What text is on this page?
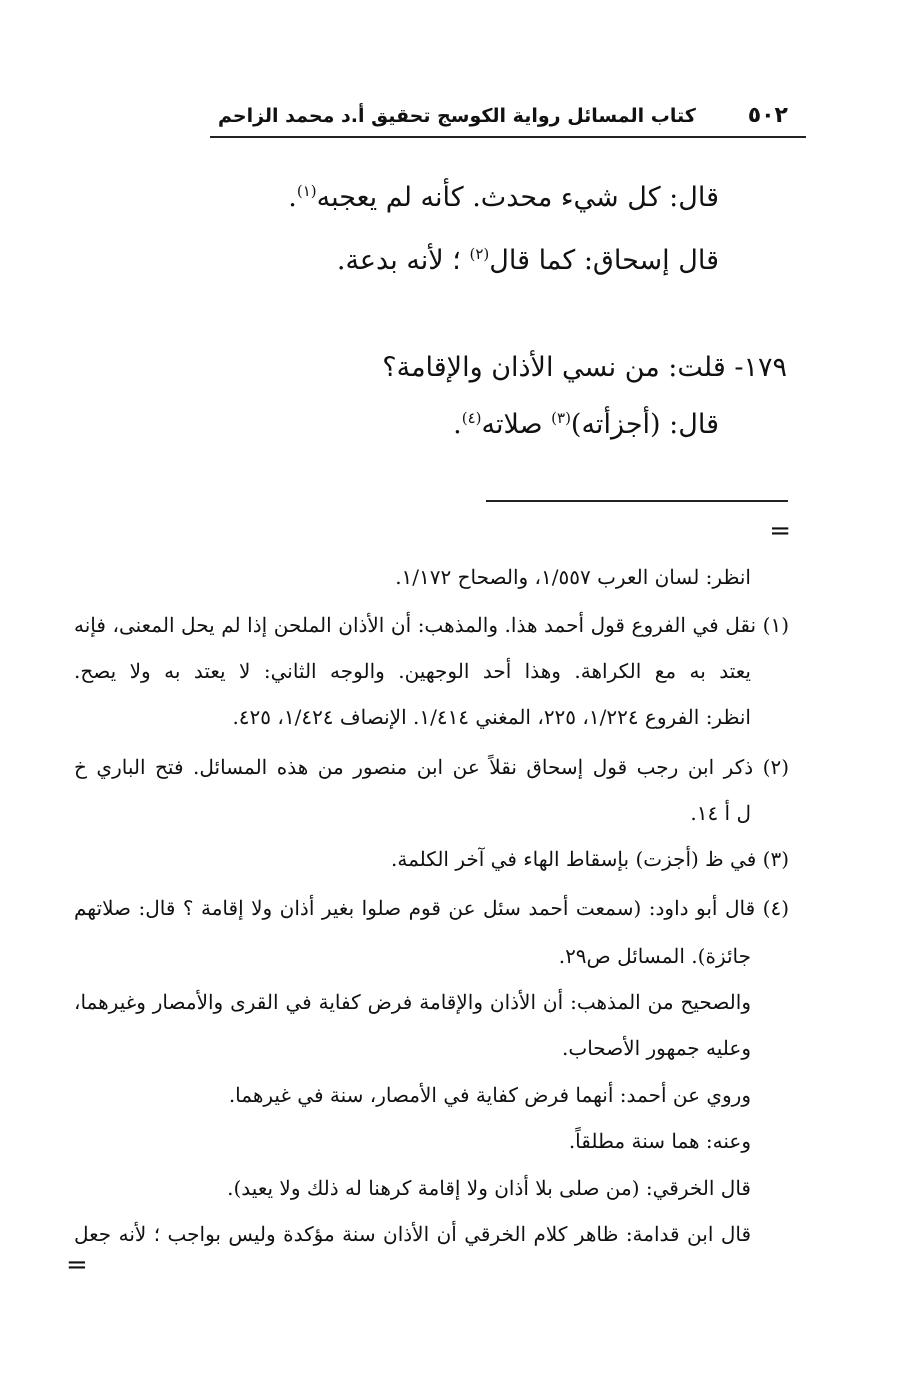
٥٠٢
كتاب المسائل رواية الكوسج تحقيق أ.د محمد الزاحم
قال: كل شيء محدث. كأنه لم يعجبه$^{(١)}$.
قال إسحاق: كما قال$^{(٢)}$ ؛ لأنه بدعة.
١٧٩- قلت: من نسي الأذان والإقامة؟
قال: (أجزأته)$^{(٣)}$ صلاته$^{(٤)}$.
=
انظر: لسان العرب ١/٥٥٧، والصحاح ١/١٧٢.
(١) نقل في الفروع قول أحمد هذا. والمذهب: أن الأذان الملحن إذا لم يحل المعنى، فإنه
يعتد به مع الكراهة. وهذا أحد الوجهين. والوجه الثاني: لا يعتد به ولا يصح.
انظر: الفروع ١/٢٢٤، ٢٢٥، المغني ١/٤١٤. الإنصاف ١/٤٢٤، ٤٢٥.
(٢) ذكر ابن رجب قول إسحاق نقلاً عن ابن منصور من هذه المسائل. فتح الباري خ
ل أ ١٤.
(٣) في ظ (أجزت) بإسقاط الهاء في آخر الكلمة.
(٤) قال أبو داود: (سمعت أحمد سئل عن قوم صلوا بغير أذان ولا إقامة ؟ قال: صلاتهم
جائزة). المسائل ص٢٩.
والصحيح من المذهب: أن الأذان والإقامة فرض كفاية في القرى والأمصار وغيرهما،
وعليه جمهور الأصحاب.
وروي عن أحمد: أنهما فرض كفاية في الأمصار، سنة في غيرهما.
وعنه: هما سنة مطلقاً.
قال الخرقي: (من صلى بلا أذان ولا إقامة كرهنا له ذلك ولا يعيد).
قال ابن قدامة: ظاهر كلام الخرقي أن الأذان سنة مؤكدة وليس بواجب ؛ لأنه جعل
=
